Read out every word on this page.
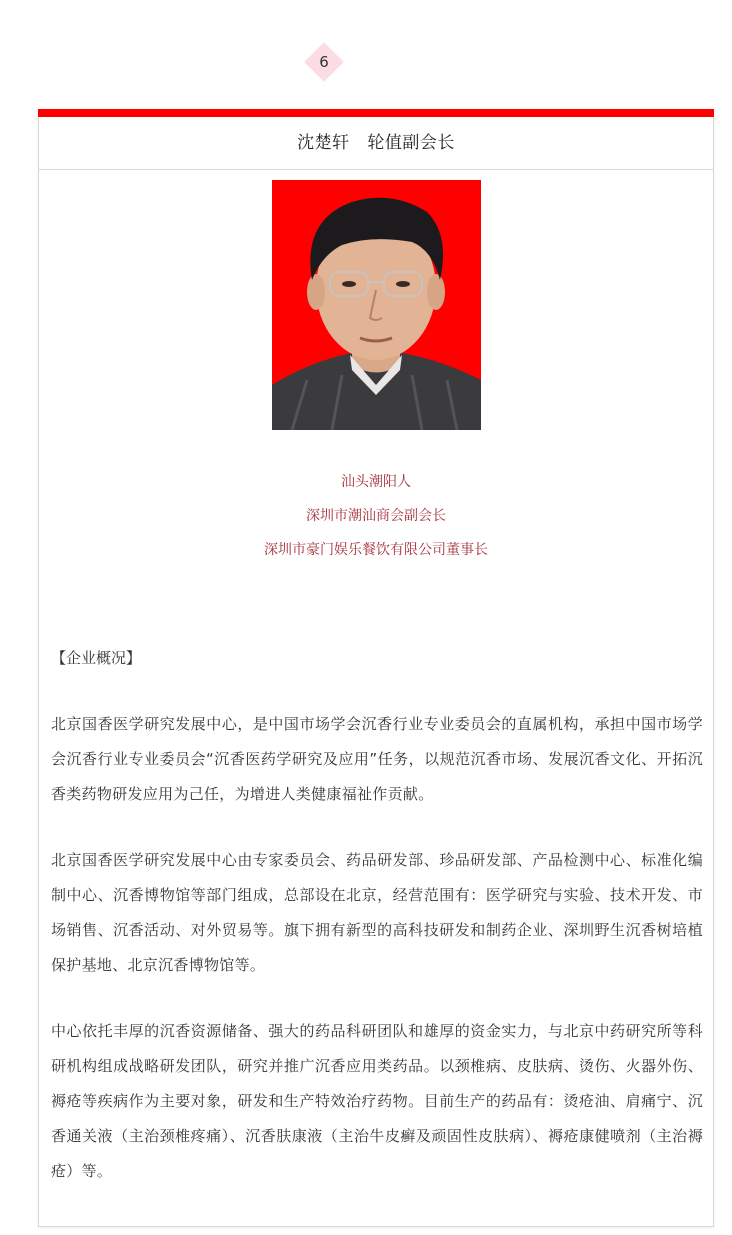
6
沈楚轩   轮值副会长
汕头潮阳人
深圳市潮汕商会副会长
深圳市豪门娱乐餐饮有限公司董事长
【企业概况】
北京国香医学研究发展中心，是中国市场学会沉香行业专业委员会的直属机构，承担中国市场学会沉香行业专业委员会“沉香医药学研究及应用”任务，以规范沉香市场、发展沉香文化、开拓沉香类药物研发应用为己任，为增进人类健康福祉作贡献。
北京国香医学研究发展中心由专家委员会、药品研发部、珍品研发部、产品检测中心、标准化编制中心、沉香博物馆等部门组成，总部设在北京，经营范围有：医学研究与实验、技术开发、市场销售、沉香活动、对外贸易等。旗下拥有新型的高科技研发和制药企业、深圳野生沉香树培植保护基地、北京沉香博物馆等。
中心依托丰厚的沉香资源储备、强大的药品科研团队和雄厚的资金实力，与北京中药研究所等科研机构组成战略研发团队，研究并推广沉香应用类药品。以颈椎病、皮肤病、烫伤、火器外伤、褥疮等疾病作为主要对象，研发和生产特效治疗药物。目前生产的药品有：烫疮油、肩痛宁、沉香通关液（主治颈椎疼痛）、沉香肤康液（主治牛皮癣及顽固性皮肤病）、褥疮康健喷剂（主治褥疮）等。
